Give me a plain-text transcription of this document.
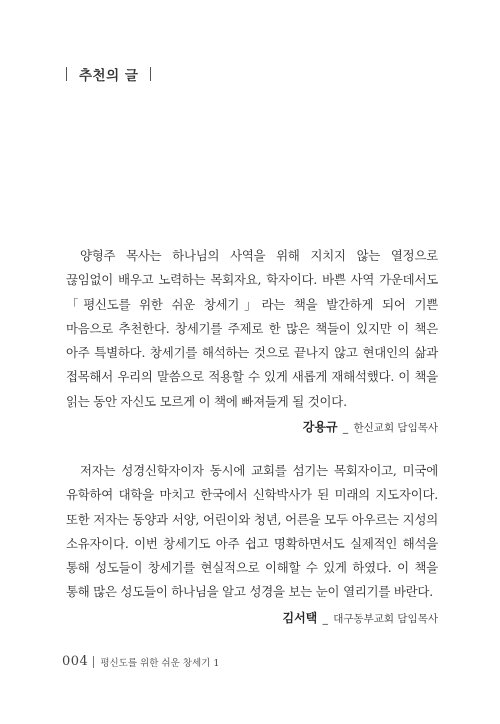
추천의 글

양형주 목사는 하나님의 사역을 위해 지치지 않는 열정으로 끊임없이 배우고 노력하는 목회자요, 학자이다. 바쁜 사역 가운데서도 「평신도를 위한 쉬운 창세기」라는 책을 발간하게 되어 기쁜 마음으로 추천한다. 창세기를 주제로 한 많은 책들이 있지만 이 책은 아주 특별하다. 창세기를 해석하는 것으로 끝나지 않고 현대인의 삶과 접목해서 우리의 말씀으로 적용할 수 있게 새롭게 재해석했다. 이 책을 읽는 동안 자신도 모르게 이 책에 빠져들게 될 것이다.

강용규 _ 한신교회 담임목사

저자는 성경신학자이자 동시에 교회를 섬기는 목회자이고, 미국에 유학하여 대학을 마치고 한국에서 신학박사가 된 미래의 지도자이다. 또한 저자는 동양과 서양, 어린이와 청년, 어른을 모두 아우르는 지성의 소유자이다. 이번 창세기도 아주 쉽고 명확하면서도 실제적인 해석을 통해 성도들이 창세기를 현실적으로 이해할 수 있게 하였다. 이 책을 통해 많은 성도들이 하나님을 알고 성경을 보는 눈이 열리기를 바란다.

김서택 _ 대구동부교회 담임목사
004 평신도를 위한 쉬운 창세기 1
